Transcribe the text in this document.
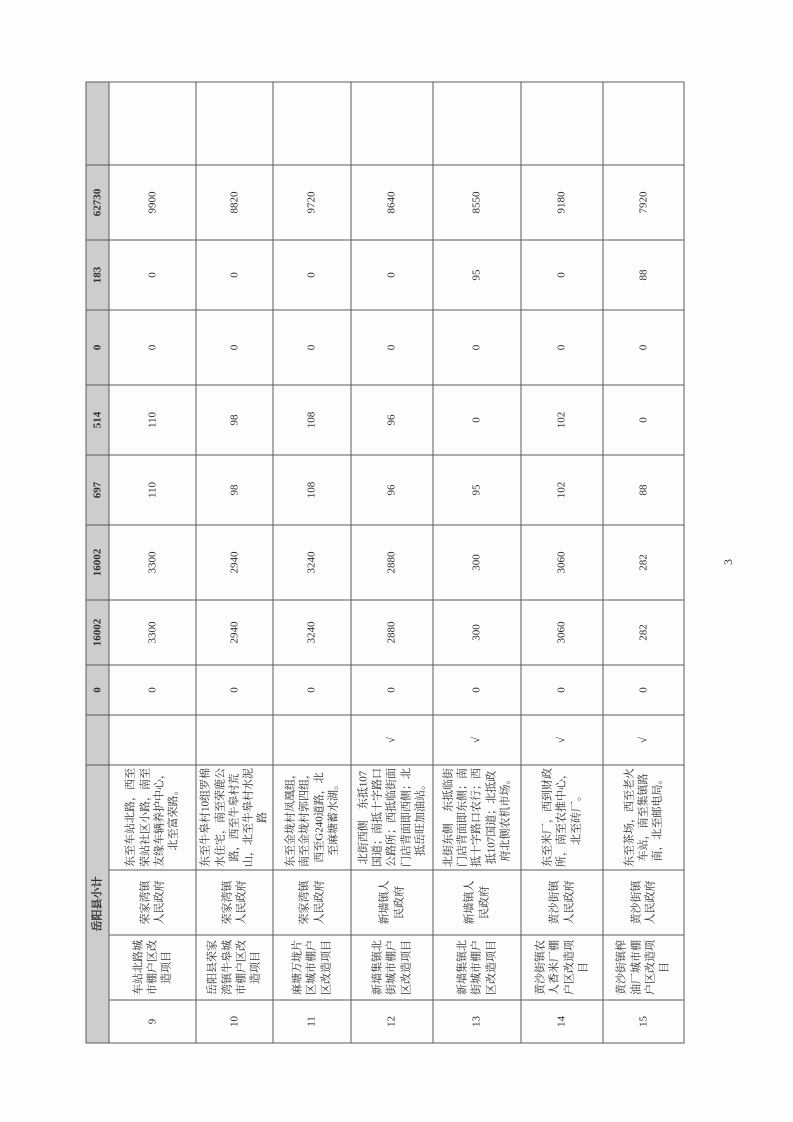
岳阳县小计					0	16002	16002	697	514	0	183	62730	
9	车站北路城市棚户区改造项目	荣家湾镇人民政府	东至车站北路，西至荣站社区小路，南至友缘车辆养护中心，北至富荣路。		0	3300	3300	110	110	0	0	9900	
10	岳阳县荣家湾镇牛皋城市棚户区改造项目	荣家湾镇人民政府	东至牛皋村10组罗棉水住宅，南至荣鹿公路，西至牛皋村荒山，北至牛皋村水泥路		0	2940	2940	98	98	0	0	8820	
11	麻塘万垅片区城市棚户区改造项目	荣家湾镇人民政府	东至金垅村凤凰组，南至金垅村郭四组，西至G240道路，北至麻塘蓄水湖。		0	3240	3240	108	108	0	0	9720	
12	新墙集镇北街城市棚户区改造项目	新墙镇人民政府	北街西侧　东抵107国道；南抵十字路口公路所；西抵临街面门店背面即西侧；北抵岳旺加油站。	√	0	2880	2880	96	96	0	0	8640	
13	新墙集镇北街城市棚户区改造项目	新墙镇人民政府	北街东侧　东抵临街门店背面即东侧；南抵十字路口农行；西抵107国道；北抵政府北侧农机市场。	√	0	300	300	95	0	0	95	8550	
14	黄沙街镇农人香米厂棚户区改造项目	黄沙街镇人民政府	东至米厂，西到财政所，南至农推中心，北至砖厂。	√	0	3060	3060	102	102	0	0	9180	
15	黄沙街镇榨油厂城市棚户区改造项目	黄沙街镇人民政府	东至茶场，西至老火车站，南至集镇路南，北至邮电局。	√	0	282	282	88	0	0	88	7920	
3
